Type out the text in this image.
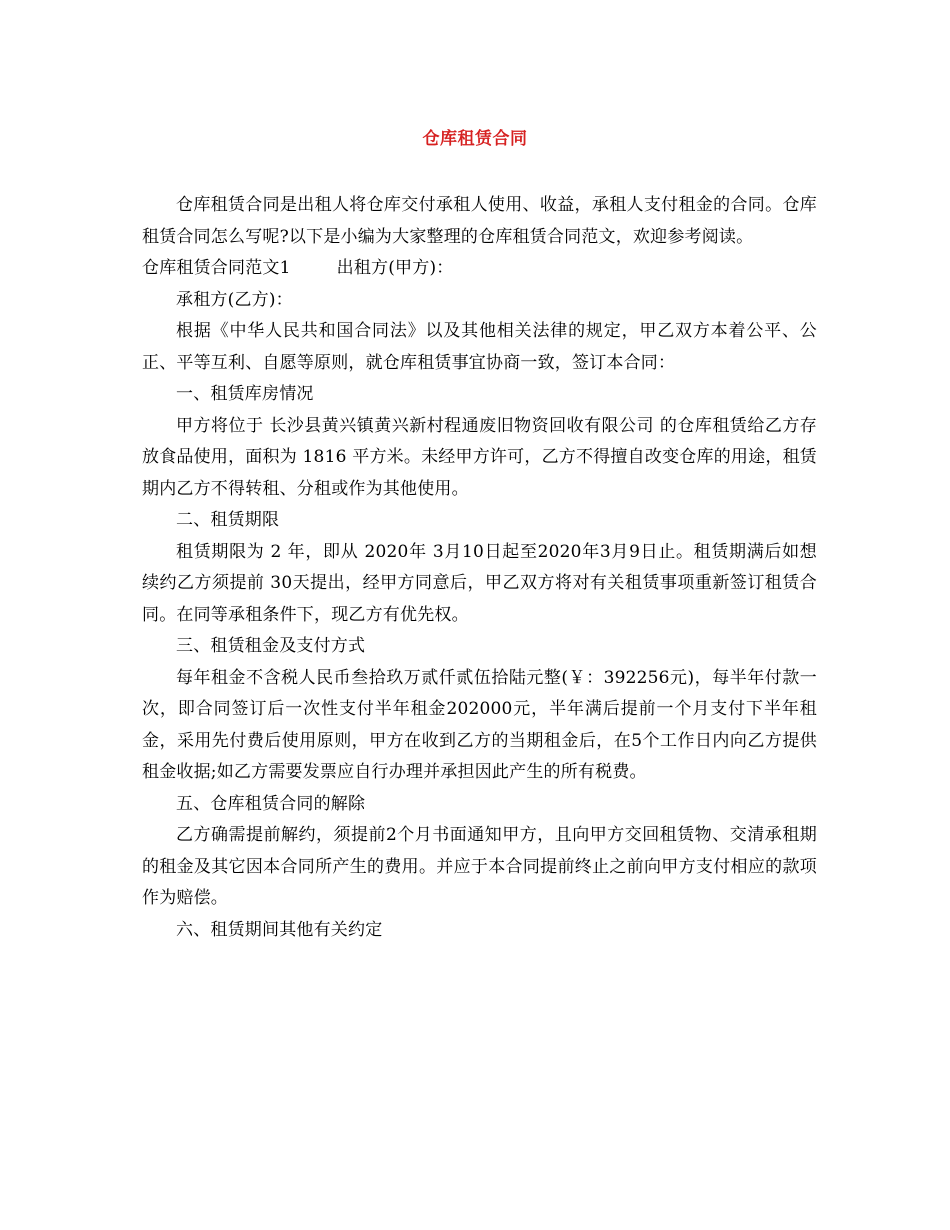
仓库租赁合同

仓库租赁合同是出租人将仓库交付承租人使用、收益，承租人支付租金的合同。仓库租赁合同怎么写呢?以下是小编为大家整理的仓库租赁合同范文，欢迎参考阅读。

仓库租赁合同范文1	出租方(甲方)：

承租方(乙方)：

根据《中华人民共和国合同法》以及其他相关法律的规定，甲乙双方本着公平、公正、平等互利、自愿等原则，就仓库租赁事宜协商一致，签订本合同：

一、租赁库房情况

甲方将位于 长沙县黄兴镇黄兴新村程通废旧物资回收有限公司 的仓库租赁给乙方存放食品使用，面积为 1816 平方米。未经甲方许可，乙方不得擅自改变仓库的用途，租赁期内乙方不得转租、分租或作为其他使用。

二、租赁期限

租赁期限为 2 年，即从 2020年 3月10日起至2020年3月9日止。租赁期满后如想续约乙方须提前 30天提出，经甲方同意后，甲乙双方将对有关租赁事项重新签订租赁合同。在同等承租条件下，现乙方有优先权。

三、租赁租金及支付方式

每年租金不含税人民币叁拾玖万贰仟贰伍拾陆元整(￥：392256元)，每半年付款一次，即合同签订后一次性支付半年租金202000元，半年满后提前一个月支付下半年租金，采用先付费后使用原则，甲方在收到乙方的当期租金后，在5个工作日内向乙方提供租金收据;如乙方需要发票应自行办理并承担因此产生的所有税费。

五、仓库租赁合同的解除

乙方确需提前解约，须提前2个月书面通知甲方，且向甲方交回租赁物、交清承租期的租金及其它因本合同所产生的费用。并应于本合同提前终止之前向甲方支付相应的款项作为赔偿。

六、租赁期间其他有关约定
